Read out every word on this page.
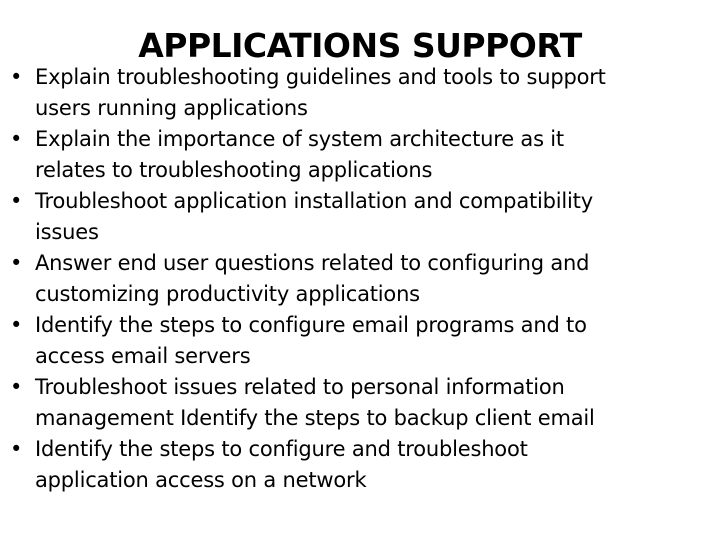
APPLICATIONS SUPPORT
• Explain troubleshooting guidelines and tools to support
users running applications
• Explain the importance of system architecture as it
relates to troubleshooting applications
• Troubleshoot application installation and compatibility
issues
• Answer end user questions related to configuring and
customizing productivity applications
• Identify the steps to configure email programs and to
access email servers
• Troubleshoot issues related to personal information
management Identify the steps to backup client email
• Identify the steps to configure and troubleshoot
application access on a network
